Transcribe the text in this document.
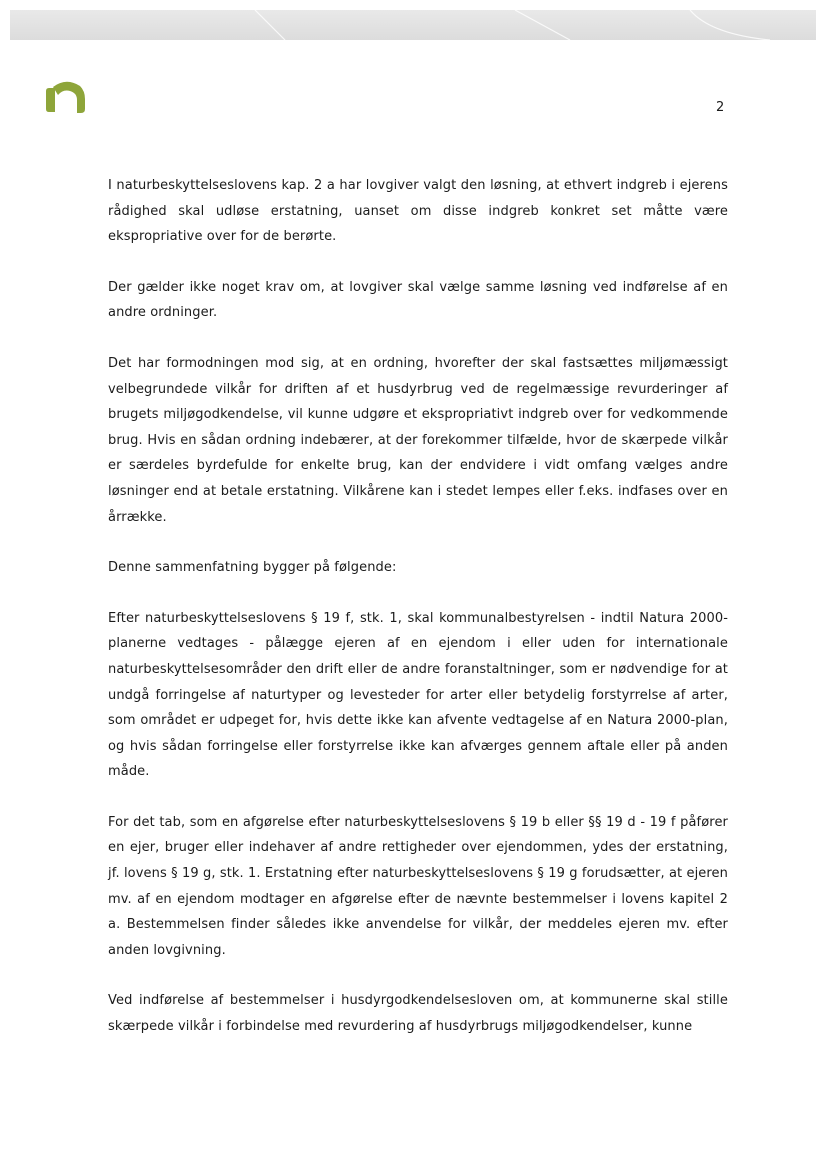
2

I naturbeskyttelseslovens kap. 2 a har lovgiver valgt den løsning, at ethvert indgreb i ejerens rådighed skal udløse erstatning, uanset om disse indgreb konkret set måtte være ekspropriative over for de berørte.

Der gælder ikke noget krav om, at lovgiver skal vælge samme løsning ved indførelse af en andre ordninger.

Det har formodningen mod sig, at en ordning, hvorefter der skal fastsættes miljømæssigt velbegrundede vilkår for driften af et husdyrbrug ved de regelmæssige revurderinger af brugets miljøgodkendelse, vil kunne udgøre et ekspropriativt indgreb over for vedkommende brug. Hvis en sådan ordning indebærer, at der forekommer tilfælde, hvor de skærpede vilkår er særdeles byrdefulde for enkelte brug, kan der endvidere i vidt omfang vælges andre løsninger end at betale erstatning. Vilkårene kan i stedet lempes eller f.eks. indfases over en årrække.

Denne sammenfatning bygger på følgende:

Efter naturbeskyttelseslovens § 19 f, stk. 1, skal kommunalbestyrelsen - indtil Natura 2000-planerne vedtages - pålægge ejeren af en ejendom i eller uden for internationale naturbeskyttelsesområder den drift eller de andre foranstaltninger, som er nødvendige for at undgå forringelse af naturtyper og levesteder for arter eller betydelig forstyrrelse af arter, som området er udpeget for, hvis dette ikke kan afvente vedtagelse af en Natura 2000-plan, og hvis sådan forringelse eller forstyrrelse ikke kan afværges gennem aftale eller på anden måde.

For det tab, som en afgørelse efter naturbeskyttelseslovens § 19 b eller §§ 19 d - 19 f påfører en ejer, bruger eller indehaver af andre rettigheder over ejendommen, ydes der erstatning, jf. lovens § 19 g, stk. 1. Erstatning efter naturbeskyttelseslovens § 19 g forudsætter, at ejeren mv. af en ejendom modtager en afgørelse efter de nævnte bestemmelser i lovens kapitel 2 a. Bestemmelsen finder således ikke anvendelse for vilkår, der meddeles ejeren mv. efter anden lovgivning.

Ved indførelse af bestemmelser i husdyrgodkendelsesloven om, at kommunerne skal stille skærpede vilkår i forbindelse med revurdering af husdyrbrugs miljøgodkendelser, kunne
